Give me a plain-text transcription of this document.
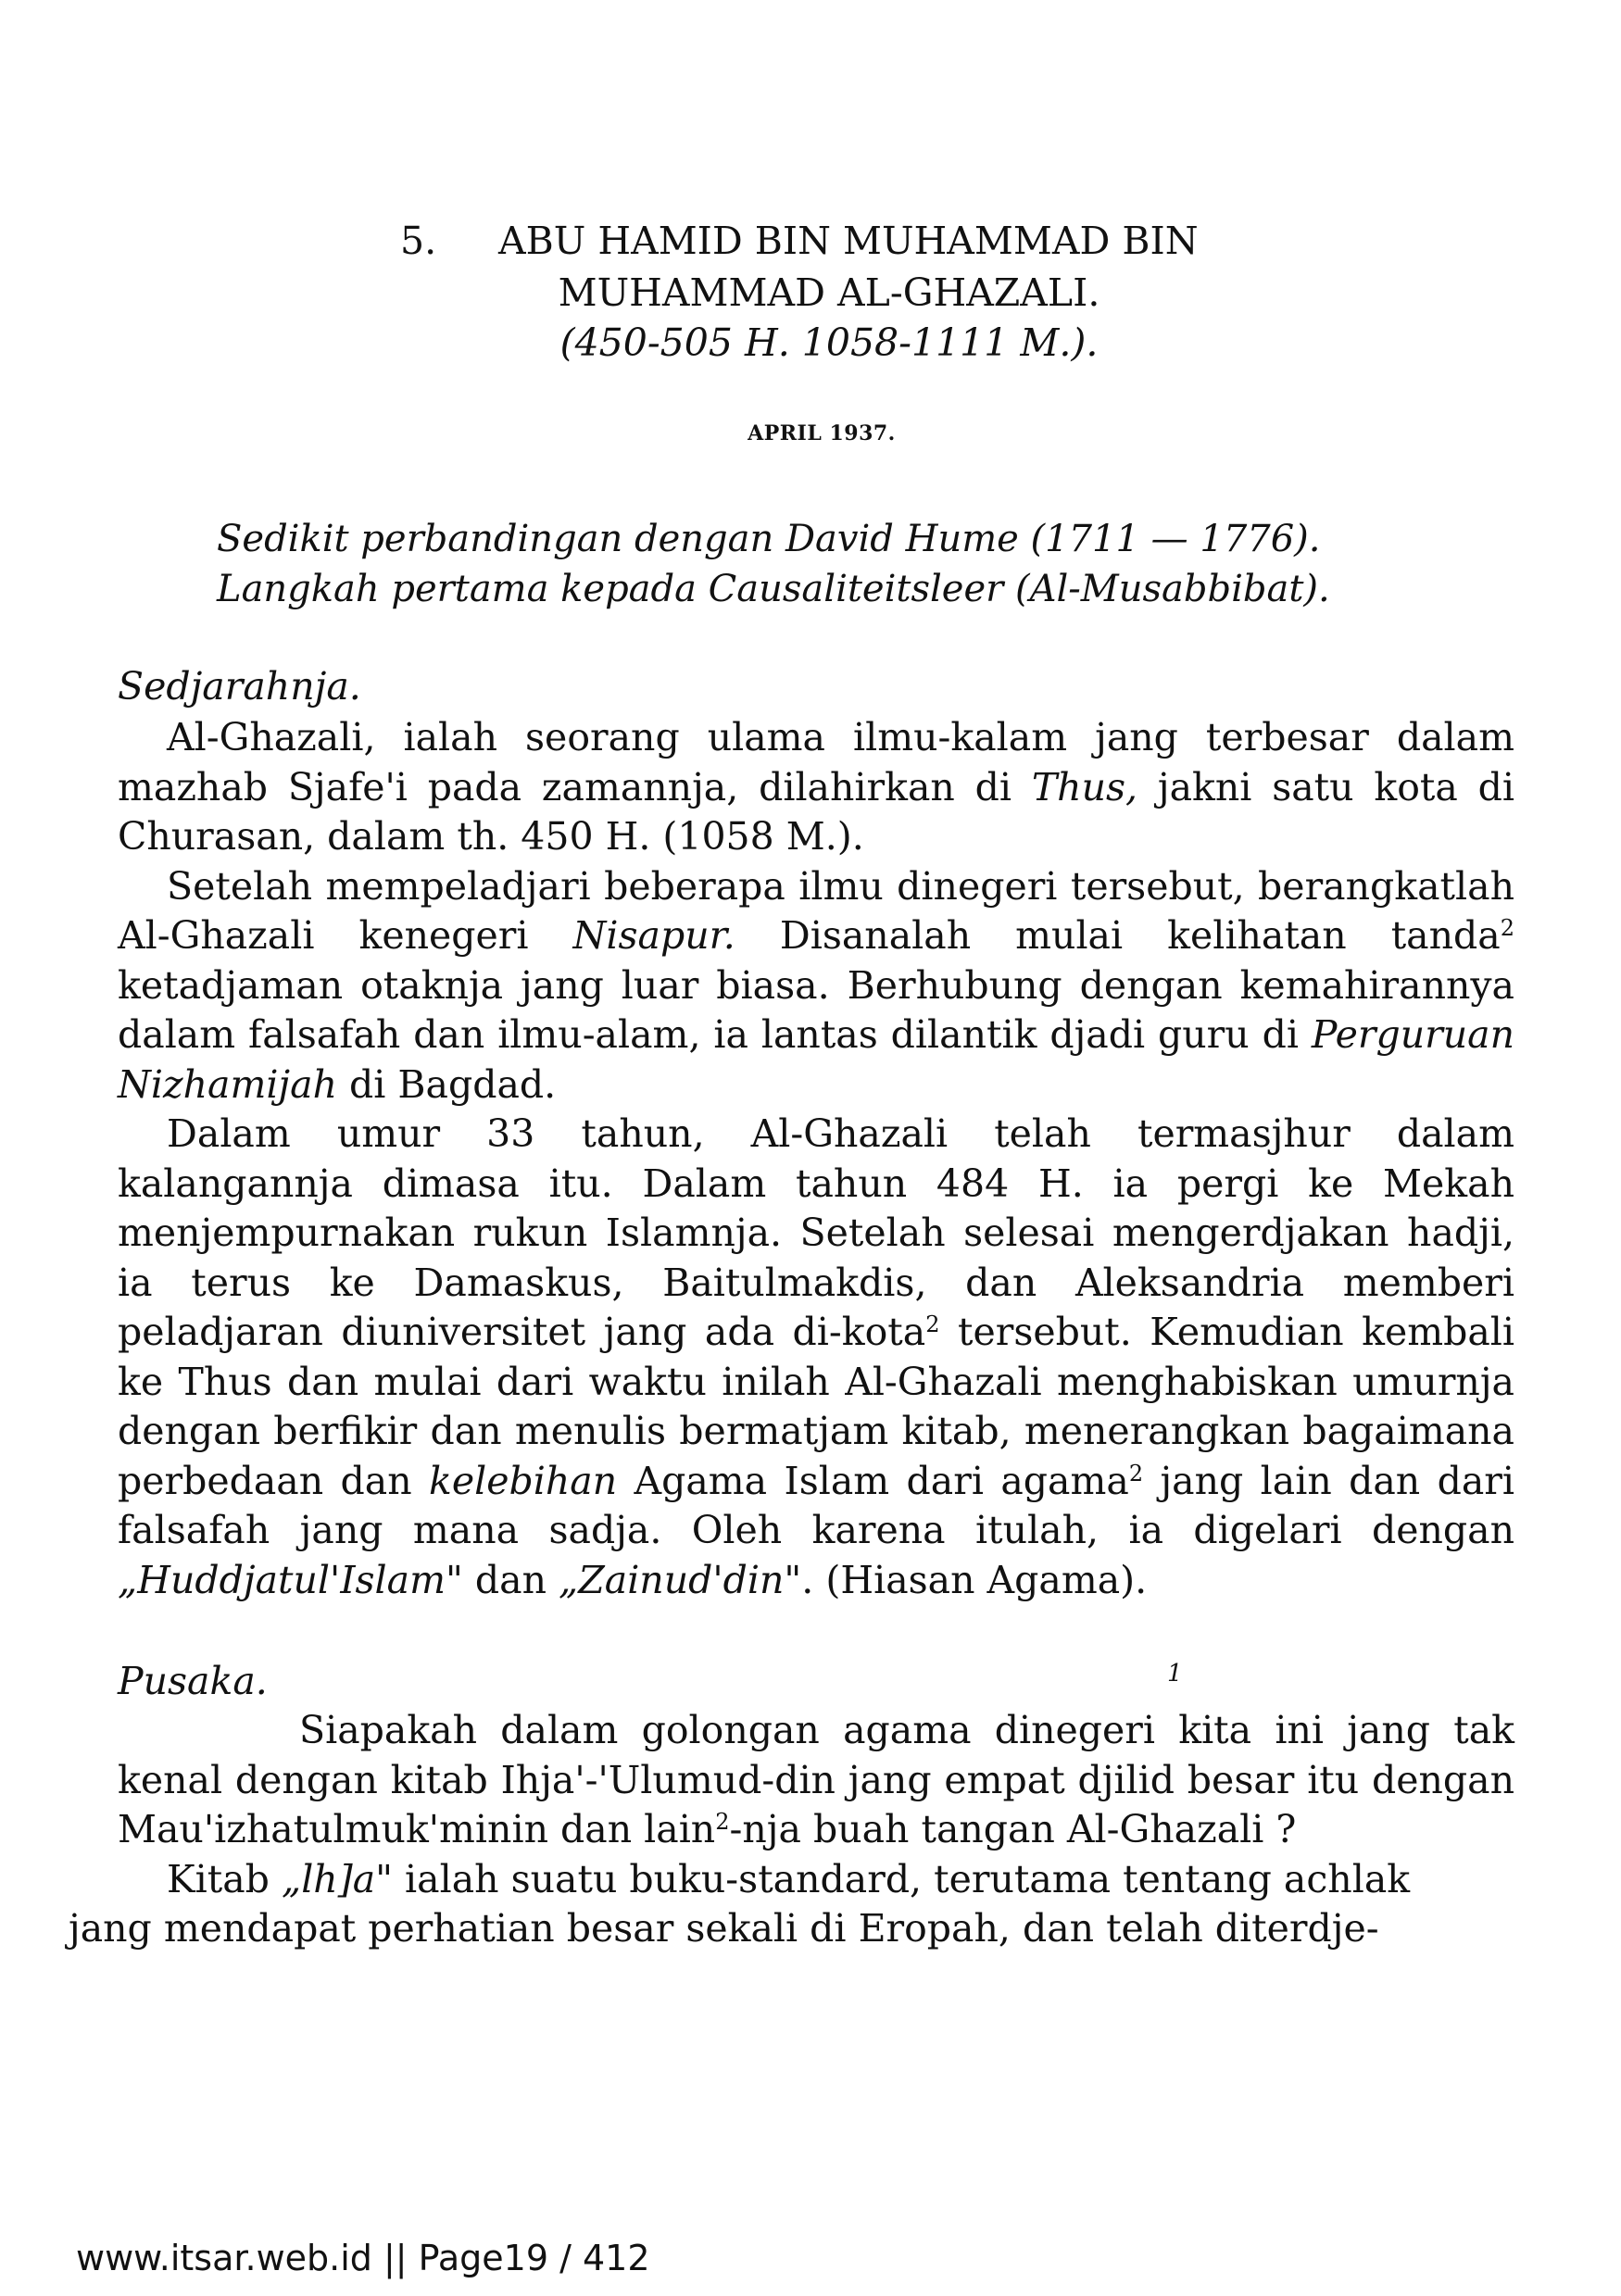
5. ABU HAMID BIN MUHAMMAD BIN
MUHAMMAD AL-GHAZALI.
(450-505 H. 1058-1111 M.).
APRIL 1937.
Sedikit perbandingan dengan David Hume (1711 — 1776).
Langkah pertama kepada Causaliteitsleer (Al-Musabbibat).
Sedjarahnja.

Al-Ghazali, ialah seorang ulama ilmu-kalam jang terbesar dalam mazhab Sjafe'i pada zamannja, dilahirkan di Thus, jakni satu kota di Churasan, dalam th. 450 H. (1058 M.).

Setelah mempeladjari beberapa ilmu dinegeri tersebut, berangkatlah Al-Ghazali kenegeri Nisapur. Disanalah mulai kelihatan tanda$^2$ ketadjaman otaknja jang luar biasa. Berhubung dengan kemahirannya dalam falsafah dan ilmu-alam, ia lantas dilantik djadi guru di Perguruan Nizhamijah di Bagdad.

Dalam umur 33 tahun, Al-Ghazali telah termasjhur dalam kalangannja dimasa itu. Dalam tahun 484 H. ia pergi ke Mekah menjempurnakan rukun Islamnja. Setelah selesai mengerdjakan hadji, ia terus ke Damaskus, Baitulmakdis, dan Aleksandria memberi peladjaran diuniversitet jang ada di-kota$^2$ tersebut. Kemudian kembali ke Thus dan mulai dari waktu inilah Al-Ghazali menghabiskan umurnja dengan berfikir dan menulis bermatjam kitab, menerangkan bagaimana perbedaan dan kelebihan Agama Islam dari agama$^2$ jang lain dan dari falsafah jang mana sadja. Oleh karena itulah, ia digelari dengan „Huddjatul'Islam" dan „Zainud'din". (Hiasan Agama).

Pusaka.	1

Siapakah dalam golongan agama dinegeri kita ini jang tak kenal dengan kitab Ihja'-'Ulumud-din jang empat djilid besar itu dengan Mau'izhatulmuk'minin dan lain$^2$-nja buah tangan Al-Ghazali ?

Kitab „lh]a" ialah suatu buku-standard, terutama tentang achlak
jang mendapat perhatian besar sekali di Eropah, dan telah diterdje-

www.itsar.web.id || Page19 / 412
